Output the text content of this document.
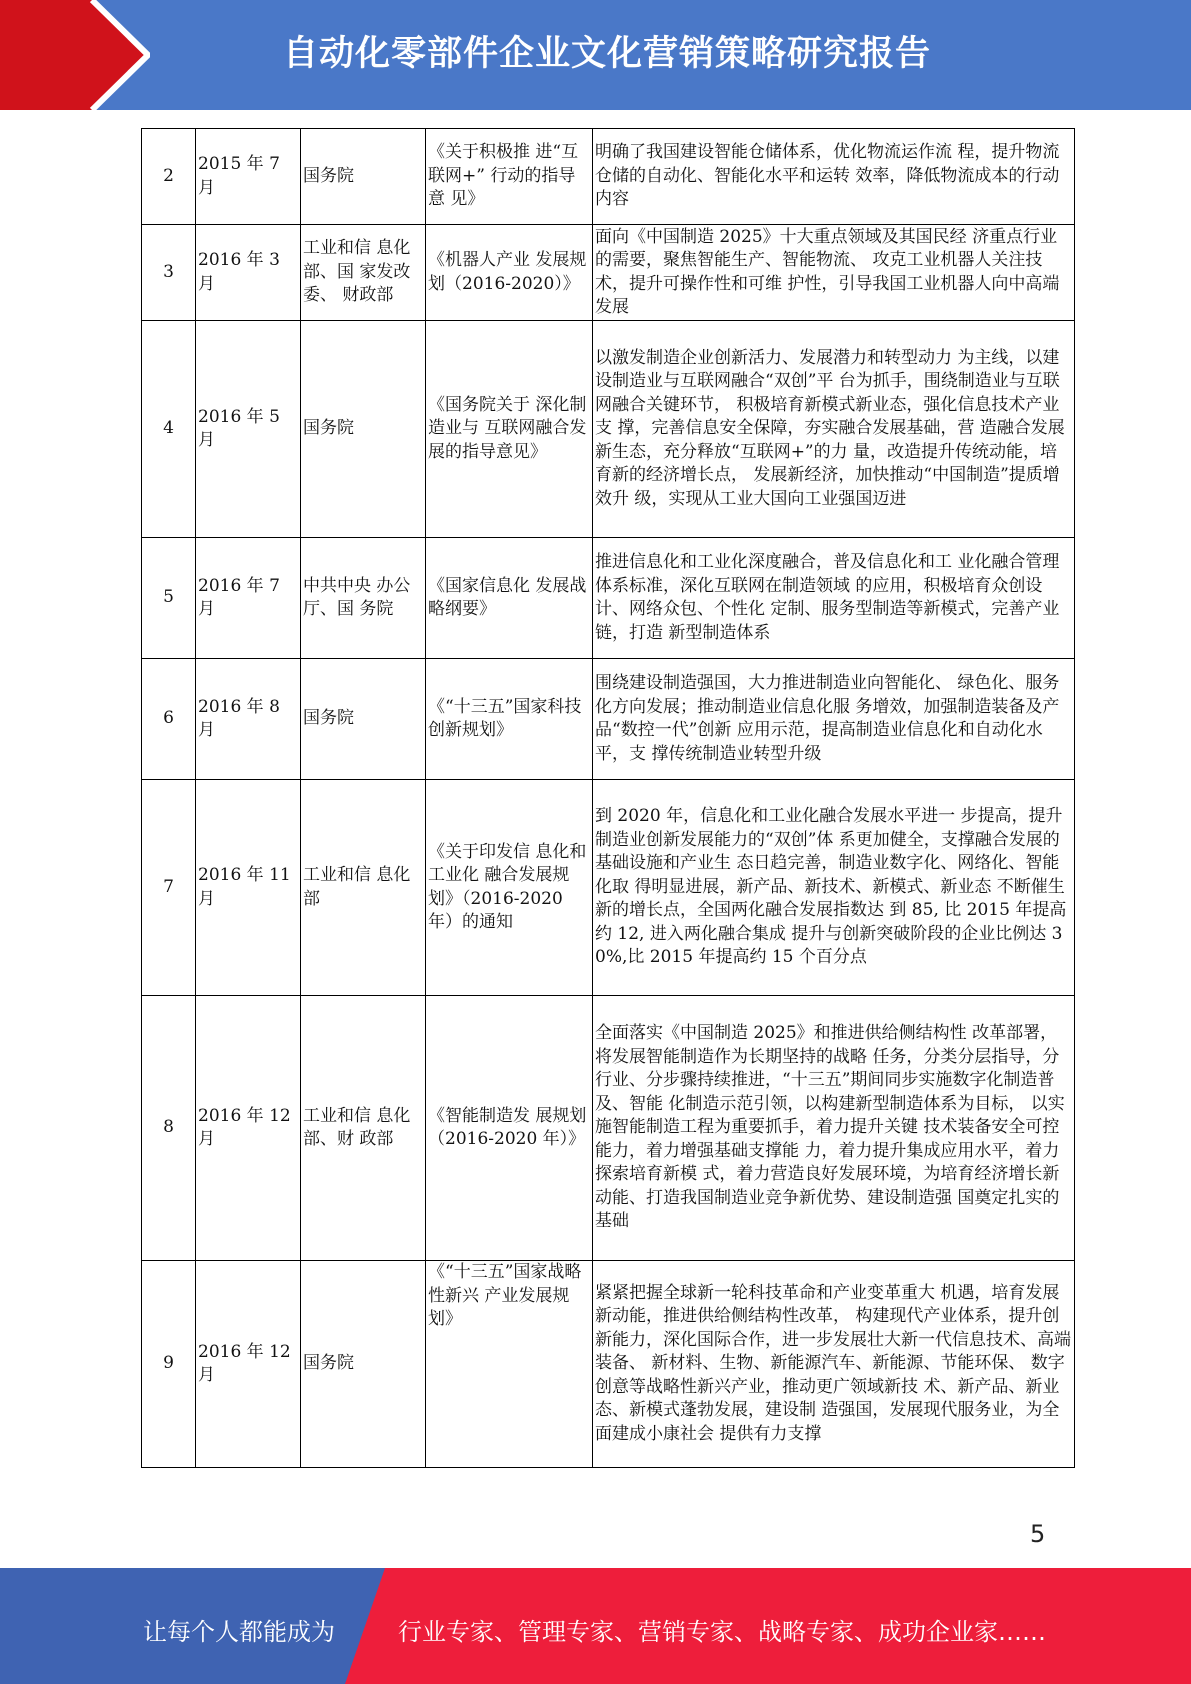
自动化零部件企业文化营销策略研究报告
2	2015 年 7 月	国务院	《关于积极推 进“互联网+” 行动的指导意 见》	明确了我国建设智能仓储体系，优化物流运作流 程，提升物流仓储的自动化、智能化水平和运转 效率，降低物流成本的行动内容
3	2016 年 3 月	工业和信 息化部、国 家发改委、 财政部	《机器人产业 发展规划（2016-2020）》	面向《中国制造 2025》十大重点领域及其国民经 济重点行业的需要，聚焦智能生产、智能物流、 攻克工业机器人关注技术，提升可操作性和可维 护性，引导我国工业机器人向中高端发展
4	2016 年 5 月	国务院	《国务院关于 深化制造业与 互联网融合发 展的指导意见》	以激发制造企业创新活力、发展潜力和转型动力 为主线，以建设制造业与互联网融合“双创”平 台为抓手，围绕制造业与互联网融合关键环节， 积极培育新模式新业态，强化信息技术产业支 撑，完善信息安全保障，夯实融合发展基础，营 造融合发展新生态，充分释放“互联网+”的力 量，改造提升传统动能，培育新的经济增长点， 发展新经济，加快推动“中国制造”提质增效升 级，实现从工业大国向工业强国迈进
5	2016 年 7 月	中共中央 办公厅、国 务院	《国家信息化 发展战略纲要》	推进信息化和工业化深度融合，普及信息化和工 业化融合管理体系标准，深化互联网在制造领域 的应用，积极培育众创设计、网络众包、个性化 定制、服务型制造等新模式，完善产业链，打造 新型制造体系
6	2016 年 8 月	国务院	《“十三五”国家科技创新规划》	围绕建设制造强国，大力推进制造业向智能化、 绿色化、服务化方向发展；推动制造业信息化服 务增效，加强制造装备及产品“数控一代”创新 应用示范，提高制造业信息化和自动化水平，支 撑传统制造业转型升级
7	2016 年 11 月	工业和信 息化部	《关于印发信 息化和工业化 融合发展规划》（2016-2020 年）的通知	到 2020 年，信息化和工业化融合发展水平进一 步提高，提升制造业创新发展能力的“双创”体 系更加健全，支撑融合发展的基础设施和产业生 态日趋完善，制造业数字化、网络化、智能化取 得明显进展，新产品、新技术、新模式、新业态 不断催生新的增长点，全国两化融合发展指数达 到 85, 比 2015 年提高约 12, 进入两化融合集成 提升与创新突破阶段的企业比例达 30%,比 2015 年提高约 15 个百分点
8	2016 年 12 月	工业和信 息化部、财 政部	《智能制造发 展规划（2016-2020 年）》	全面落实《中国制造 2025》和推进供给侧结构性 改革部署，将发展智能制造作为长期坚持的战略 任务，分类分层指导，分行业、分步骤持续推进，“十三五”期间同步实施数字化制造普及、智能 化制造示范引领，以构建新型制造体系为目标， 以实施智能制造工程为重要抓手，着力提升关键 技术装备安全可控能力，着力增强基础支撑能 力，着力提升集成应用水平，着力探索培育新模 式，着力营造良好发展环境，为培育经济增长新 动能、打造我国制造业竞争新优势、建设制造强 国奠定扎实的基础
9	2016 年 12 月	国务院	《“十三五”国家战略性新兴 产业发展规划》	紧紧把握全球新一轮科技革命和产业变革重大 机遇，培育发展新动能，推进供给侧结构性改革， 构建现代产业体系，提升创新能力，深化国际合作，进一步发展壮大新一代信息技术、高端装备、 新材料、生物、新能源汽车、新能源、节能环保、 数字创意等战略性新兴产业，推动更广领域新技 术、新产品、新业态、新模式蓬勃发展，建设制 造强国，发展现代服务业，为全面建成小康社会 提供有力支撑
5
让每个人都能成为	行业专家、管理专家、营销专家、战略专家、成功企业家……
